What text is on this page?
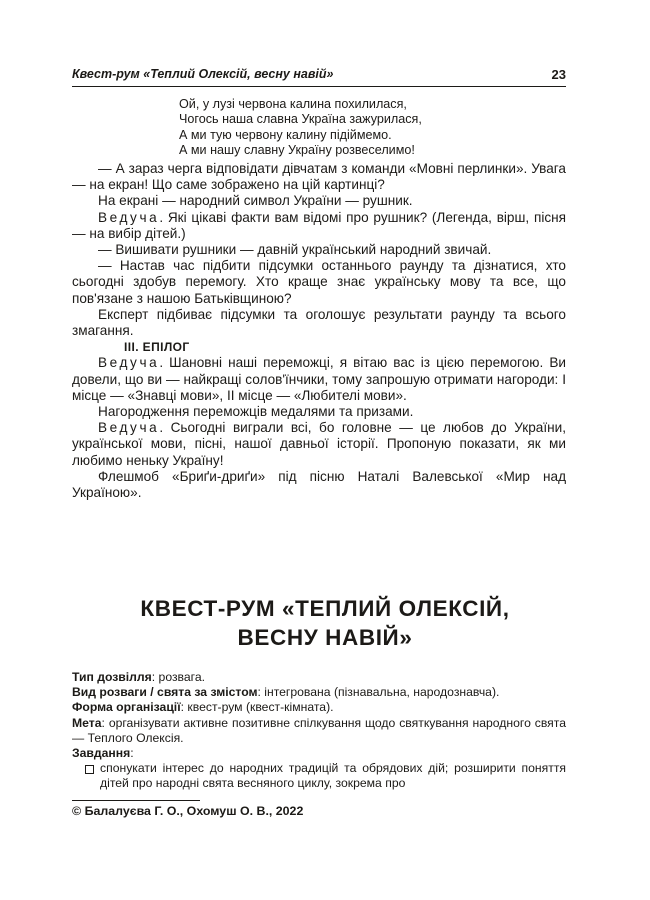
Квест-рум «Теплий Олексій, весну навій»	23
Ой, у лузі червона калина похилилася,
Чогось наша славна Україна зажурилася,
А ми тую червону калину підіймемо.
А ми нашу славну Україну розвеселимо!

— А зараз черга відповідати дівчатам з команди «Мовні перлинки». Увага — на екран! Що саме зображено на цій картинці?

На екрані — народний символ України — рушник.

Ведуча. Які цікаві факти вам відомі про рушник? (Легенда, вірш, пісня — на вибір дітей.)

— Вишивати рушники — давній український народний звичай.

— Настав час підбити підсумки останнього раунду та дізнатися, хто сьогодні здобув перемогу. Хто краще знає українську мову та все, що пов'язане з нашою Батьківщиною?

Експерт підбиває підсумки та оголошує результати раунду та всього змагання.

III. ЕПІЛОГ

Ведуча. Шановні наші переможці, я вітаю вас із цією перемогою. Ви довели, що ви — найкращі солов'їнчики, тому запрошую отримати нагороди: І місце — «Знавці мови», ІІ місце — «Любителі мови».

Нагородження переможців медалями та призами.

Ведуча. Сьогодні виграли всі, бо головне — це любов до України, української мови, пісні, нашої давньої історії. Пропоную показати, як ми любимо неньку Україну!

Флешмоб «Бриґи-дриґи» під пісню Наталі Валевської «Мир над Україною».

КВЕСТ-РУМ «ТЕПЛИЙ ОЛЕКСІЙ,
ВЕСНУ НАВІЙ»

Тип дозвілля: розвага.

Вид розваги / свята за змістом: інтегрована (пізнавальна, народознавча).

Форма організації: квест-рум (квест-кімната).

Мета: організувати активне позитивне спілкування щодо святкування народного свята — Теплого Олексія.

Завдання:

спонукати інтерес до народних традицій та обрядових дій; розширити поняття дітей про народні свята весняного циклу, зокрема про

© Балалуєва Г. О., Охомуш О. В., 2022
